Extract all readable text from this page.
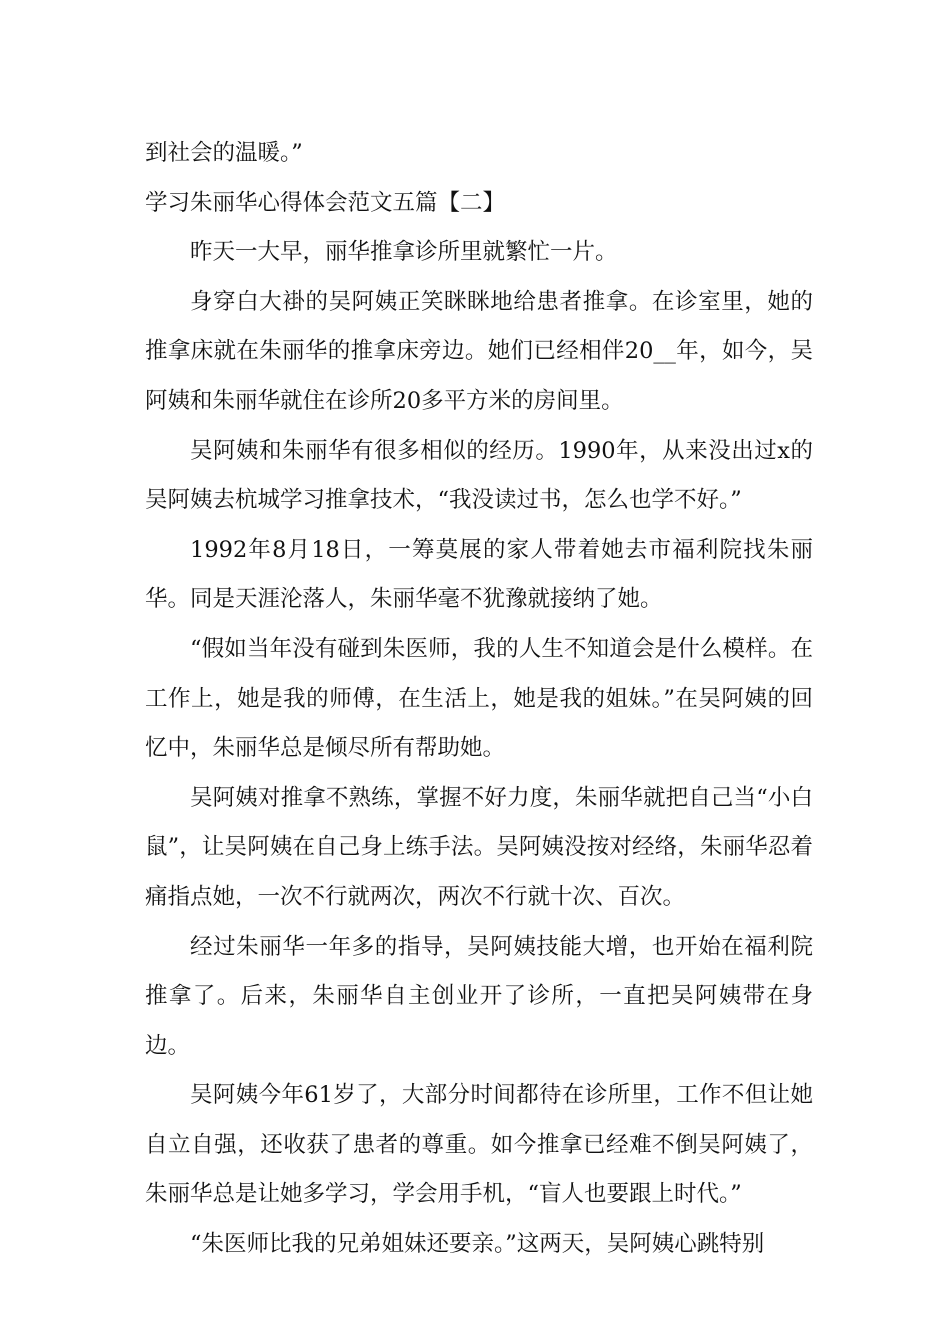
到社会的温暖。”

学习朱丽华心得体会范文五篇【二】

昨天一大早，丽华推拿诊所里就繁忙一片。

身穿白大褂的吴阿姨正笑眯眯地给患者推拿。在诊室里，她的推拿床就在朱丽华的推拿床旁边。她们已经相伴20__年，如今，吴阿姨和朱丽华就住在诊所20多平方米的房间里。

吴阿姨和朱丽华有很多相似的经历。1990年，从来没出过x的吴阿姨去杭城学习推拿技术，“我没读过书，怎么也学不好。”

1992年8月18日，一筹莫展的家人带着她去市福利院找朱丽华。同是天涯沦落人，朱丽华毫不犹豫就接纳了她。

“假如当年没有碰到朱医师，我的人生不知道会是什么模样。在工作上，她是我的师傅，在生活上，她是我的姐妹。”在吴阿姨的回忆中，朱丽华总是倾尽所有帮助她。

吴阿姨对推拿不熟练，掌握不好力度，朱丽华就把自己当“小白鼠”，让吴阿姨在自己身上练手法。吴阿姨没按对经络，朱丽华忍着痛指点她，一次不行就两次，两次不行就十次、百次。

经过朱丽华一年多的指导，吴阿姨技能大增，也开始在福利院推拿了。后来，朱丽华自主创业开了诊所，一直把吴阿姨带在身边。

吴阿姨今年61岁了，大部分时间都待在诊所里，工作不但让她自立自强，还收获了患者的尊重。如今推拿已经难不倒吴阿姨了，朱丽华总是让她多学习，学会用手机，“盲人也要跟上时代。”

“朱医师比我的兄弟姐妹还要亲。”这两天，吴阿姨心跳特别
